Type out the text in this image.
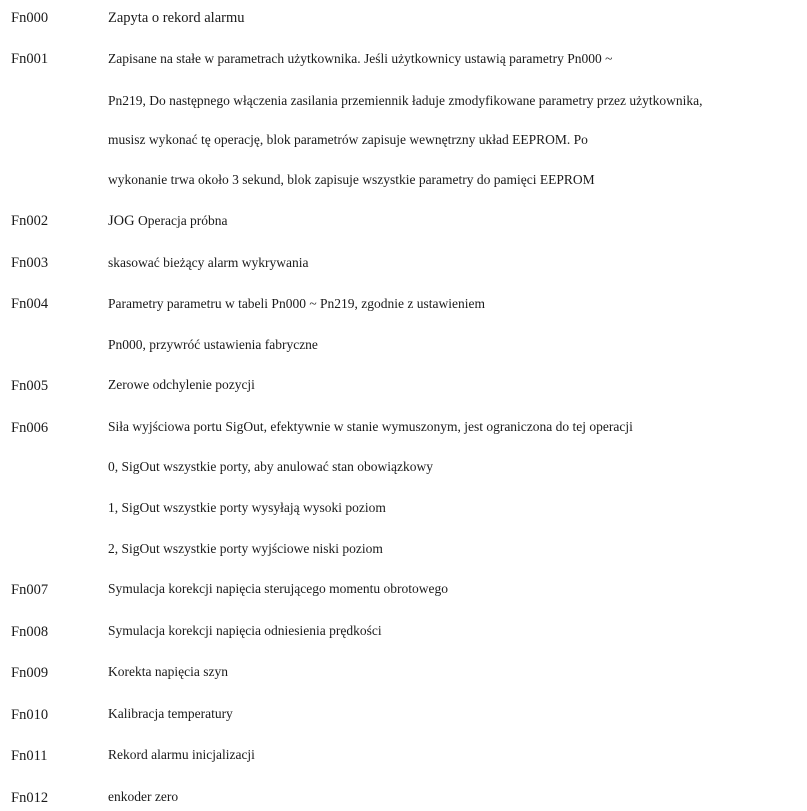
Fn000	Zapyta o rekord alarmu
Fn001	Zapisane na stałe w parametrach użytkownika. Jeśli użytkownicy ustawią parametry Pn000 ~
Pn219, Do następnego włączenia zasilania przemiennik ładuje zmodyfikowane parametry przez użytkownika,
musisz wykonać tę operację, blok parametrów zapisuje wewnętrzny układ EEPROM. Po
wykonanie trwa około 3 sekund, blok zapisuje wszystkie parametry do pamięci EEPROM
Fn002	JOG Operacja próbna
Fn003	skasować bieżący alarm wykrywania
Fn004	Parametry parametru w tabeli Pn000 ~ Pn219, zgodnie z ustawieniem
Pn000, przywróć ustawienia fabryczne
Fn005	Zerowe odchylenie pozycji
Fn006	Siła wyjściowa portu SigOut, efektywnie w stanie wymuszonym, jest ograniczona do tej operacji
0, SigOut wszystkie porty, aby anulować stan obowiązkowy
1, SigOut wszystkie porty wysyłają wysoki poziom
2, SigOut wszystkie porty wyjściowe niski poziom
Fn007	Symulacja korekcji napięcia sterującego momentu obrotowego
Fn008	Symulacja korekcji napięcia odniesienia prędkości
Fn009	Korekta napięcia szyn
Fn010	Kalibracja temperatury
Fn011	Rekord alarmu inicjalizacji
Fn012	enkoder zero
